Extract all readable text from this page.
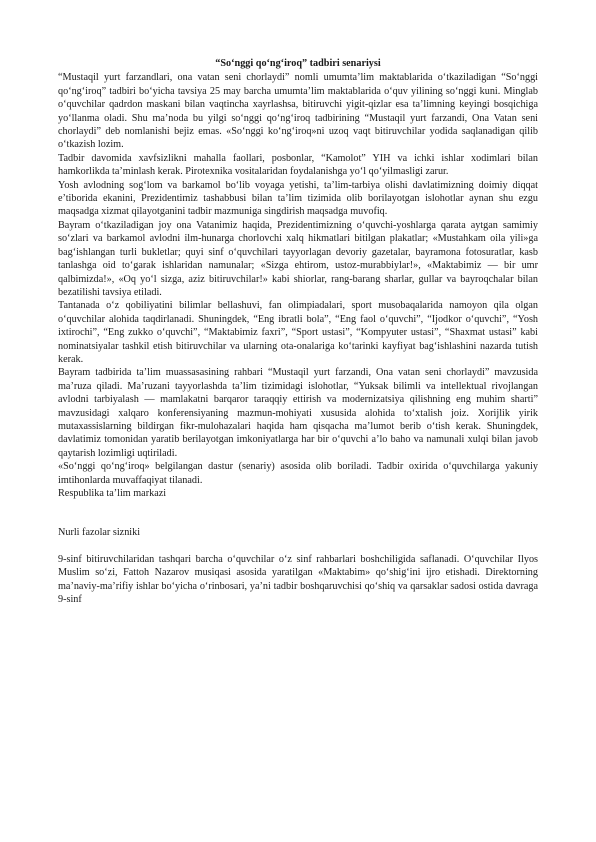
“So‘nggi qo‘ng‘iroq” tadbiri senariysi

“Mustaqil yurt farzandlari, ona vatan seni chorlaydi” nomli umumta’lim maktablarida o‘tkaziladigan “So‘nggi qo‘ng‘iroq” tadbiri bo‘yicha tavsiya 25 may barcha umumta’lim maktablarida o‘quv yilining so‘nggi kuni. Minglab o‘quvchilar qadrdon maskani bilan vaqtincha xayrlashsa, bitiruvchi yigit-qizlar esa ta’limning keyingi bosqichiga yo‘llanma oladi. Shu ma’noda bu yilgi so‘nggi qo‘ng‘iroq tadbirining “Mustaqil yurt farzandi, Ona Vatan seni chorlaydi” deb nomlanishi bejiz emas. «So‘nggi ko‘ng‘iroq»ni uzoq vaqt bitiruvchilar yodida saqlanadigan qilib o‘tkazish lozim.

Tadbir davomida xavfsizlikni mahalla faollari, posbonlar, “Kamolot” YIH va ichki ishlar xodimlari bilan hamkorlikda ta’minlash kerak. Pirotexnika vositalaridan foydalanishga yo‘l qo‘yilmasligi zarur.

Yosh avlodning sog‘lom va barkamol bo‘lib voyaga yetishi, ta’lim-tarbiya olishi davlatimizning doimiy diqqat e’tiborida ekanini, Prezidentimiz tashabbusi bilan ta’lim tizimida olib borilayotgan islohotlar aynan shu ezgu maqsadga xizmat qilayotganini tadbir mazmuniga singdirish maqsadga muvofiq.

Bayram o‘tkaziladigan joy ona Vatanimiz haqida, Prezidentimizning o‘quvchi-yoshlarga qarata aytgan samimiy so‘zlari va barkamol avlodni ilm-hunarga chorlovchi xalq hikmatlari bitilgan plakatlar; «Mustahkam oila yili»ga bag‘ishlangan turli bukletlar; quyi sinf o‘quvchilari tayyorlagan devoriy gazetalar, bayramona fotosuratlar, kasb tanlashga oid to‘garak ishlaridan namunalar; «Sizga ehtirom, ustoz-murabbiylar!», «Maktabimiz — bir umr qalbimizda!», «Oq yo‘l sizga, aziz bitiruvchilar!» kabi shiorlar, rang-barang sharlar, gullar va bayroqchalar bilan bezatilishi tavsiya etiladi.

Tantanada o‘z qobiliyatini bilimlar bellashuvi, fan olimpiadalari, sport musobaqalarida namoyon qila olgan o‘quvchilar alohida taqdirlanadi. Shuningdek, “Eng ibratli bola”, “Eng faol o‘quvchi”, “Ijodkor o‘quvchi”, “Yosh ixtirochi”, “Eng zukko o‘quvchi”, “Maktabimiz faxri”, “Sport ustasi”, “Kompyuter ustasi”, “Shaxmat ustasi” kabi nominatsiyalar tashkil etish bitiruvchilar va ularning ota-onalariga ko‘tarinki kayfiyat bag‘ishlashini nazarda tutish kerak.

Bayram tadbirida ta’lim muassasasining rahbari “Mustaqil yurt farzandi, Ona vatan seni chorlaydi” mavzusida ma’ruza qiladi. Ma’ruzani tayyorlashda ta’lim tizimidagi islohotlar, “Yuksak bilimli va intellektual rivojlangan avlodni tarbiyalash — mamlakatni barqaror taraqqiy ettirish va modernizatsiya qilishning eng muhim sharti” mavzusidagi xalqaro konferensiyaning mazmun-mohiyati xususida alohida to‘xtalish joiz. Xorijlik yirik mutaxassislarning bildirgan fikr-mulohazalari haqida ham qisqacha ma’lumot berib o‘tish kerak. Shuningdek, davlatimiz tomonidan yaratib berilayotgan imkoniyatlarga har bir o‘quvchi a’lo baho va namunali xulqi bilan javob qaytarish lozimligi uqtiriladi.

«So‘nggi qo‘ng‘iroq» belgilangan dastur (senariy) asosida olib boriladi. Tadbir oxirida o‘quvchilarga yakuniy imtihonlarda muvaffaqiyat tilanadi.

Respublika ta’lim markazi

Nurli fazolar sizniki

9-sinf bitiruvchilaridan tashqari barcha o‘quvchilar o‘z sinf rahbarlari boshchiligida saflanadi. O‘quvchilar Ilyos Muslim so‘zi, Fattoh Nazarov musiqasi asosida yaratilgan «Maktabim» qo‘shig‘ini ijro etishadi. Direktorning ma’naviy-ma’rifiy ishlar bo‘yicha o‘rinbosari, ya’ni tadbir boshqaruvchisi qo‘shiq va qarsaklar sadosi ostida davraga 9-sinf
